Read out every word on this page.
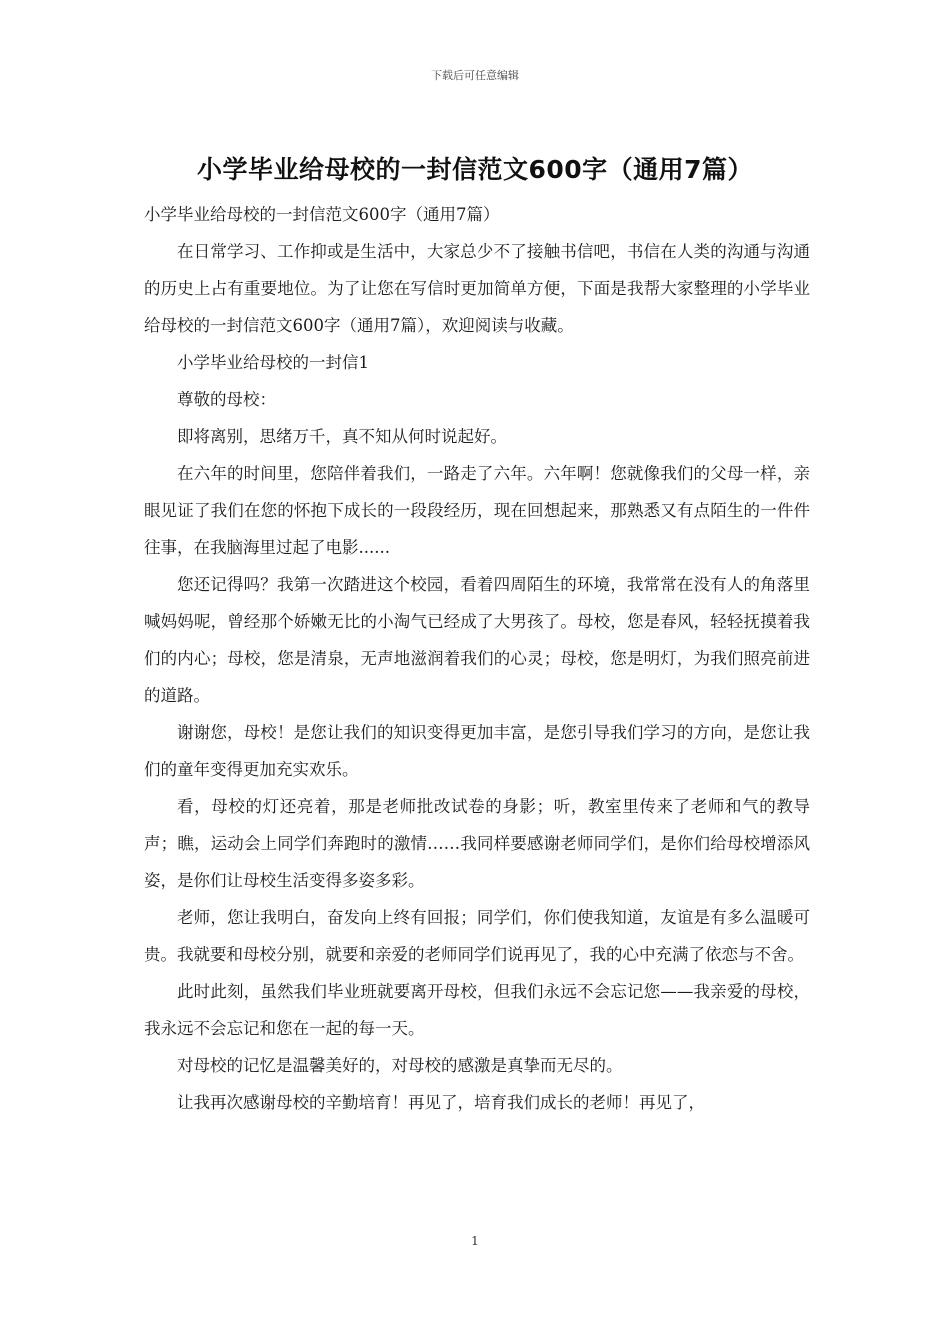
下载后可任意编辑
小学毕业给母校的一封信范文600字（通用7篇）

小学毕业给母校的一封信范文600字（通用7篇）

在日常学习、工作抑或是生活中，大家总少不了接触书信吧，书信在人类的沟通与沟通的历史上占有重要地位。为了让您在写信时更加简单方便，下面是我帮大家整理的小学毕业给母校的一封信范文600字（通用7篇），欢迎阅读与收藏。

小学毕业给母校的一封信1

尊敬的母校：

即将离别，思绪万千，真不知从何时说起好。

在六年的时间里，您陪伴着我们，一路走了六年。六年啊！您就像我们的父母一样，亲眼见证了我们在您的怀抱下成长的一段段经历，现在回想起来，那熟悉又有点陌生的一件件往事，在我脑海里过起了电影......

您还记得吗？我第一次踏进这个校园，看着四周陌生的环境，我常常在没有人的角落里喊妈妈呢，曾经那个娇嫩无比的小淘气已经成了大男孩了。母校，您是春风，轻轻抚摸着我们的内心；母校，您是清泉，无声地滋润着我们的心灵；母校，您是明灯，为我们照亮前进的道路。

谢谢您，母校！是您让我们的知识变得更加丰富，是您引导我们学习的方向，是您让我们的童年变得更加充实欢乐。

看，母校的灯还亮着，那是老师批改试卷的身影；听，教室里传来了老师和气的教导声；瞧，运动会上同学们奔跑时的激情……我同样要感谢老师同学们，是你们给母校增添风姿，是你们让母校生活变得多姿多彩。

老师，您让我明白，奋发向上终有回报；同学们，你们使我知道，友谊是有多么温暖可贵。我就要和母校分别，就要和亲爱的老师同学们说再见了，我的心中充满了依恋与不舍。

此时此刻，虽然我们毕业班就要离开母校，但我们永远不会忘记您——我亲爱的母校，我永远不会忘记和您在一起的每一天。

对母校的记忆是温馨美好的，对母校的感激是真挚而无尽的。

让我再次感谢母校的辛勤培育！再见了，培育我们成长的老师！再见了，

1
